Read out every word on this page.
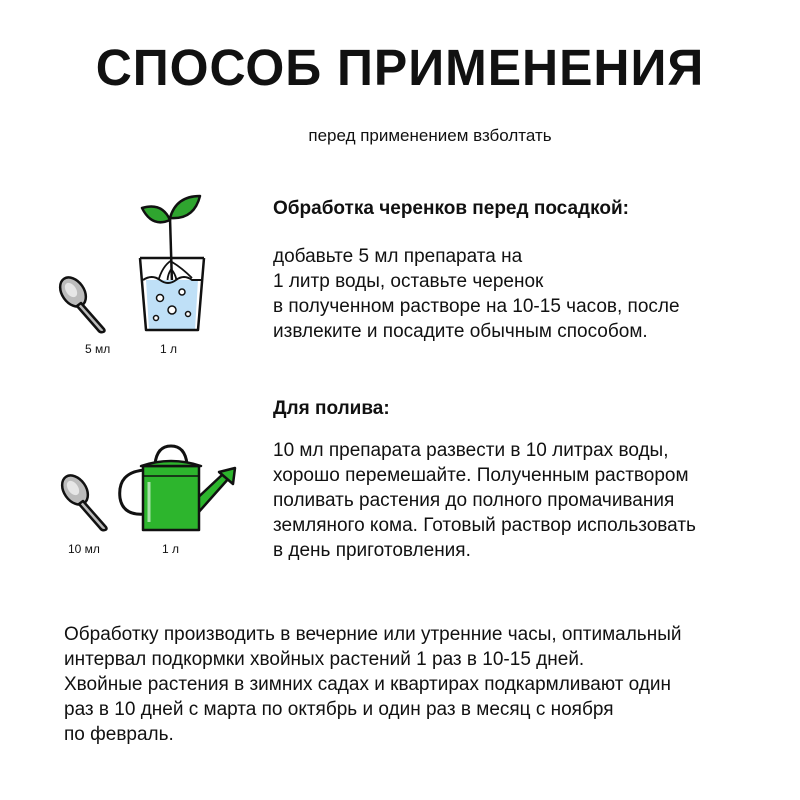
СПОСОБ ПРИМЕНЕНИЯ
перед применением взболтать
5 мл	1 л
Обработка черенков перед посадкой:
добавьте 5 мл препарата на
1 литр воды, оставьте черенок
в полученном растворе на 10-15 часов, после
извлеките и посадите обычным способом.
10 мл	1 л
Для полива:
10 мл препарата развести в 10 литрах воды,
хорошо перемешайте. Полученным раствором
поливать растения до полного промачивания
земляного кома. Готовый раствор использовать
в день приготовления.
Обработку производить в вечерние или утренние часы, оптимальный
интервал подкормки хвойных растений 1 раз в 10-15 дней.
Хвойные растения в зимних садах и квартирах подкармливают один
раз в 10 дней с марта по октябрь и один раз в месяц с ноября
по февраль.
